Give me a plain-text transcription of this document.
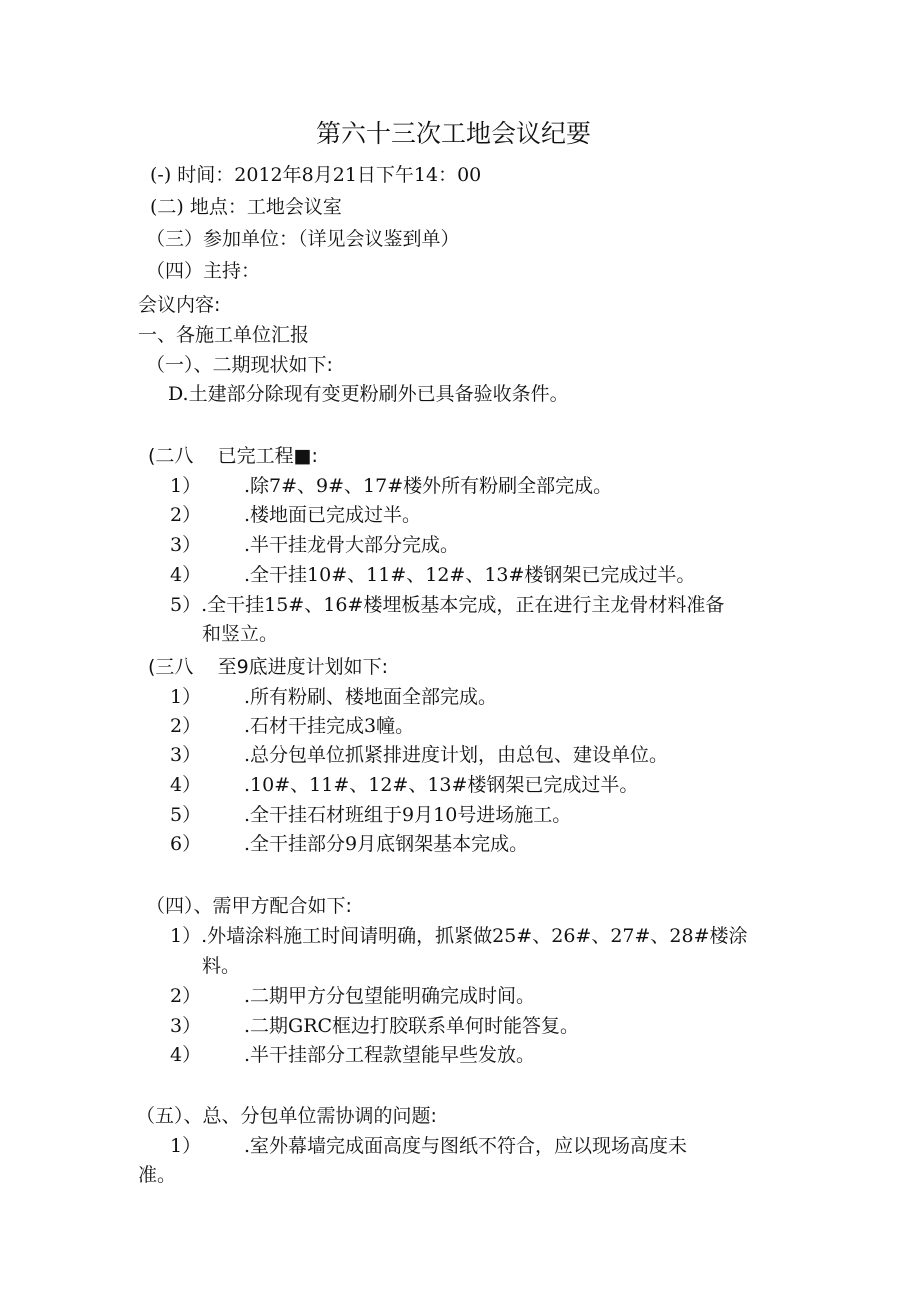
第六十三次工地会议纪要
(-) 时间：2012年8月21日下午14：00
(二) 地点：工地会议室
（三）参加单位：（详见会议鉴到单）
（四）主持：
会议内容:
一、各施工单位汇报
（一）、二期现状如下:
D.土建部分除现有变更粉刷外已具备验收条件。
(二八    已完工程■:
1） .除7#、9#、17#楼外所有粉刷全部完成。
2） .楼地面已完成过半。
3） .半干挂龙骨大部分完成。
4） .全干挂10#、11#、12#、13#楼钢架已完成过半。
5）.全干挂15#、16#楼埋板基本完成，正在进行主龙骨材料准备
和竖立。
(三八    至9底进度计划如下:
1） .所有粉刷、楼地面全部完成。
2） .石材干挂完成3幢。
3） .总分包单位抓紧排进度计划，由总包、建设单位。
4） .10#、11#、12#、13#楼钢架已完成过半。
5） .全干挂石材班组于9月10号进场施工。
6） .全干挂部分9月底钢架基本完成。
（四）、需甲方配合如下:
1）.外墙涂料施工时间请明确，抓紧做25#、26#、27#、28#楼涂
料。
2） .二期甲方分包望能明确完成时间。
3） .二期GRC框边打胶联系单何时能答复。
4） .半干挂部分工程款望能早些发放。
（五）、总、分包单位需协调的问题:
1） .室外幕墙完成面高度与图纸不符合，应以现场高度未
准。
